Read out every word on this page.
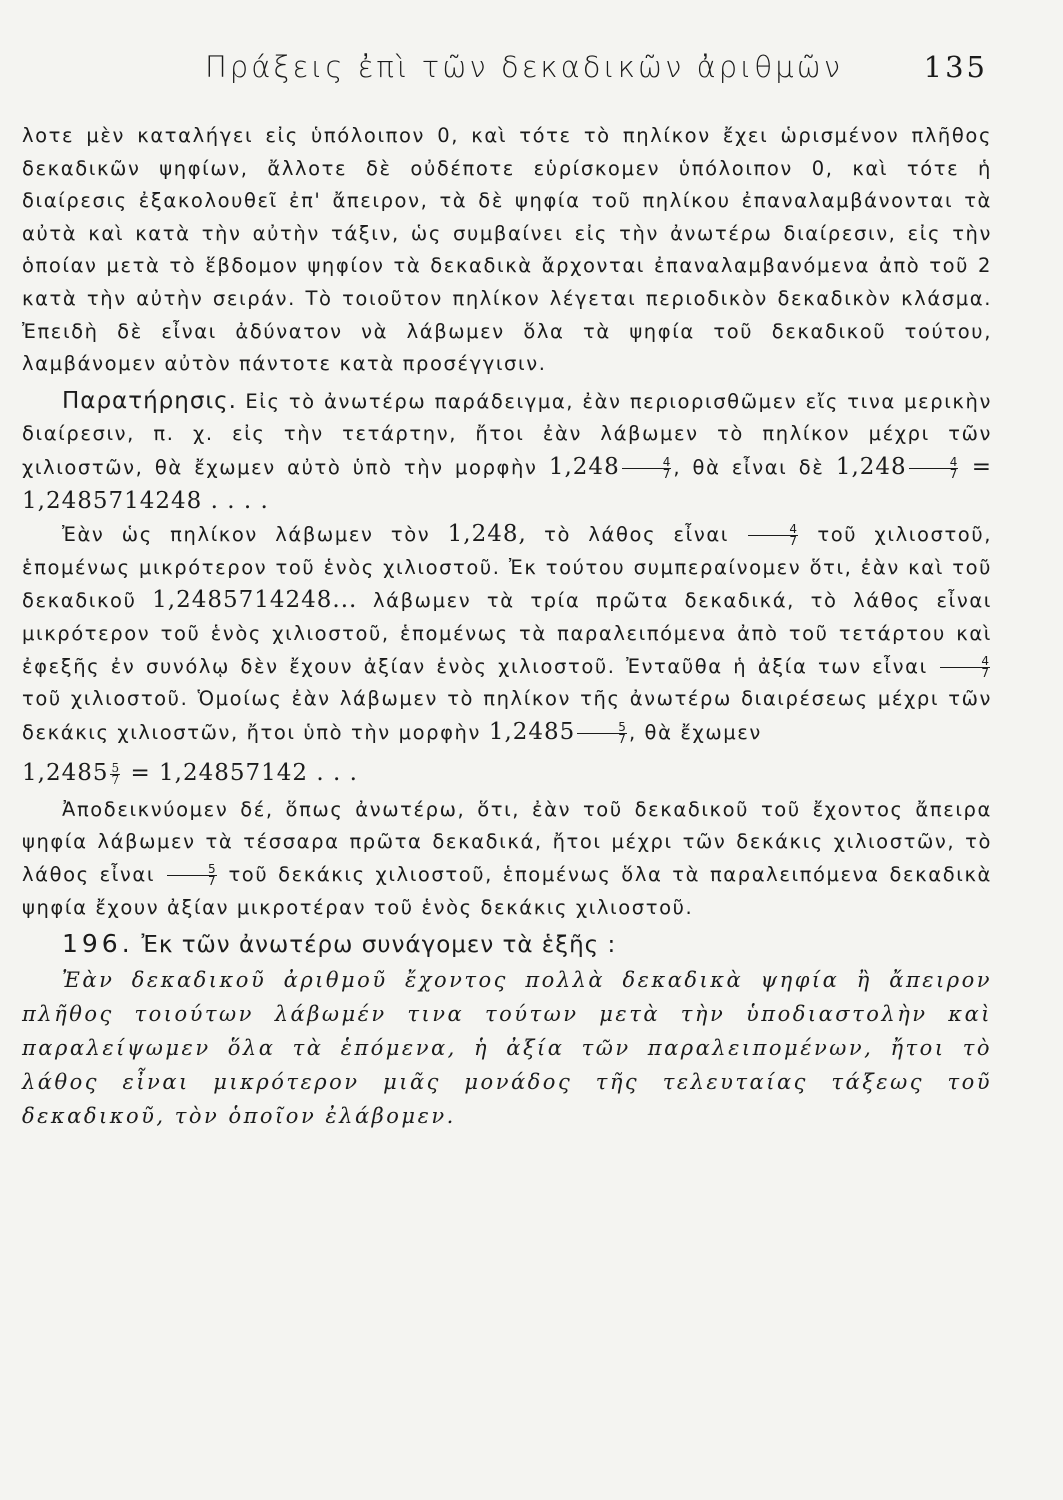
Πράξεις ἐπὶ τῶν δεκαδικῶν ἀριθμῶν	135

λοτε μὲν καταλήγει εἰς ὑπόλοιπον 0, καὶ τότε τὸ πηλίκον ἔχει ὡρισμένον πλῆθος δεκαδικῶν ψηφίων, ἄλλοτε δὲ οὐδέποτε εὑρίσκομεν ὑπόλοιπον 0, καὶ τότε ἡ διαίρεσις ἐξακολουθεῖ ἐπ' ἄπειρον, τὰ δὲ ψηφία τοῦ πηλίκου ἐπαναλαμβάνονται τὰ αὐτὰ καὶ κατὰ τὴν αὐτὴν τάξιν, ὡς συμβαίνει εἰς τὴν ἀνωτέρω διαίρεσιν, εἰς τὴν ὁποίαν μετὰ τὸ ἕβδομον ψηφίον τὰ δεκαδικὰ ἄρχονται ἐπαναλαμβανόμενα ἀπὸ τοῦ 2 κατὰ τὴν αὐτὴν σειράν. Τὸ τοιοῦτον πηλίκον λέγεται περιοδικὸν δεκαδικὸν κλάσμα. Ἐπειδὴ δὲ εἶναι ἀδύνατον νὰ λάβωμεν ὅλα τὰ ψηφία τοῦ δεκαδικοῦ τούτου, λαμβάνομεν αὐτὸν πάντοτε κατὰ προσέγγισιν.

Παρατήρησις. Εἰς τὸ ἀνωτέρω παράδειγμα, ἐὰν περιορισθῶμεν εἴς τινα μερικὴν διαίρεσιν, π. χ. εἰς τὴν τετάρτην, ἤτοι ἐὰν λάβωμεν τὸ πηλίκον μέχρι τῶν χιλιοστῶν, θὰ ἔχωμεν αὐτὸ ὑπὸ τὴν μορφὴν $1,248 \frac{4}{7}$ , θὰ εἶναι δὲ $1,248 \frac{4}{7} = 1,2485714248$ . . . .

Ἐὰν ὡς πηλίκον λάβωμεν τὸν 1,248, τὸ λάθος εἶναι $\frac{4}{7}$ τοῦ χιλιοστοῦ, ἑπομένως μικρότερον τοῦ ἑνὸς χιλιοστοῦ. Ἐκ τούτου συμπεραίνομεν ὅτι, ἐὰν καὶ τοῦ δεκαδικοῦ 1,2485714248... λάβωμεν τὰ τρία πρῶτα δεκαδικά, τὸ λάθος εἶναι μικρότερον τοῦ ἑνὸς χιλιοστοῦ, ἑπομένως τὰ παραλειπόμενα ἀπὸ τοῦ τετάρτου καὶ ἐφεξῆς ἐν συνόλῳ δὲν ἔχουν ἀξίαν ἑνὸς χιλιοστοῦ. Ἐνταῦθα ἡ ἀξία των εἶναι $\frac{4}{7}$
τοῦ χιλιοστοῦ. Ὁμοίως ἐὰν λάβωμεν τὸ πηλίκον τῆς ἀνωτέρω διαιρέσεως μέχρι τῶν δεκάκις χιλιοστῶν, ἤτοι ὑπὸ τὴν μορφὴν $1,2485 \frac{5}{7}$ , θὰ ἔχωμεν

$1,2485 \frac{5}{7} = 1,24857142$ . . .

Ἀποδεικνύομεν δέ, ὅπως ἀνωτέρω, ὅτι, ἐὰν τοῦ δεκαδικοῦ τοῦ ἔχοντος ἄπειρα ψηφία λάβωμεν τὰ τέσσαρα πρῶτα δεκαδικά, ἤτοι μέχρι τῶν δεκάκις χιλιοστῶν, τὸ λάθος εἶναι $\frac{5}{7}$ τοῦ δεκάκις χιλιοστοῦ, ἑπομένως ὅλα τὰ παραλειπόμενα δεκαδικὰ ψηφία ἔχουν ἀξίαν μικροτέραν τοῦ ἑνὸς δεκάκις χιλιοστοῦ.

196. Ἐκ τῶν ἀνωτέρω συνάγομεν τὰ ἑξῆς :

Ἐὰν δεκαδικοῦ ἀριθμοῦ ἔχοντος πολλὰ δεκαδικὰ ψηφία ἢ ἄπειρον πλῆθος τοιούτων λάβωμέν τινα τούτων μετὰ τὴν ὑποδιαστολὴν καὶ παραλείψωμεν ὅλα τὰ ἑπόμενα, ἡ ἀξία τῶν παραλειπομένων, ἤτοι τὸ λάθος εἶναι μικρότερον μιᾶς μονάδος τῆς τελευταίας τάξεως τοῦ δεκαδικοῦ, τὸν ὁποῖον ἐλάβομεν.
